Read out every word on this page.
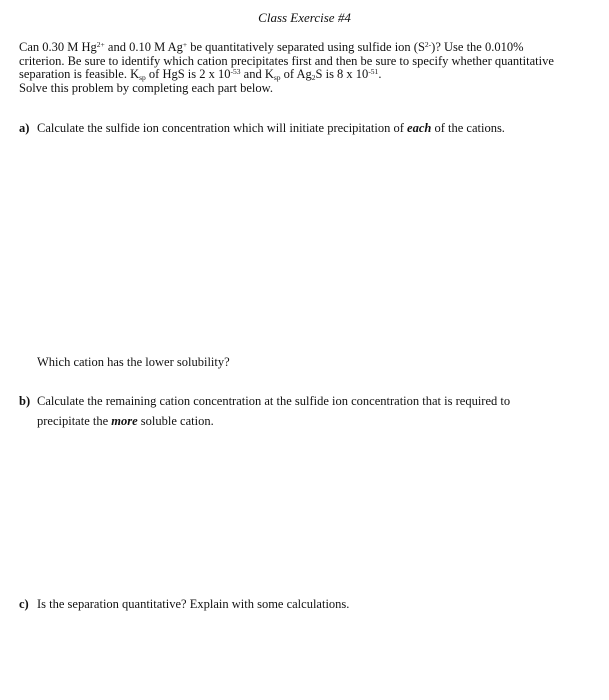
Class Exercise #4
Can 0.30 M $Hg^{2+}$ and 0.10 M Ag+ be quantitatively separated using sulfide ion $(S^{2-})$? Use the 0.010%
criterion. Be sure to identify which cation precipitates first and then be sure to specify whether quantitative
separation is feasible. $K_{sp}$ of HgS is 2 x $10^{-53}$ and $K_{sp}$ of $Ag_2S$ is 8 x $10^{-51}$.
Solve this problem by completing each part below.
a) Calculate the sulfide ion concentration which will initiate precipitation of each of the cations.
Which cation has the lower solubility?
b) Calculate the remaining cation concentration at the sulfide ion concentration that is required to
precipitate the more soluble cation.
c) Is the separation quantitative? Explain with some calculations.
